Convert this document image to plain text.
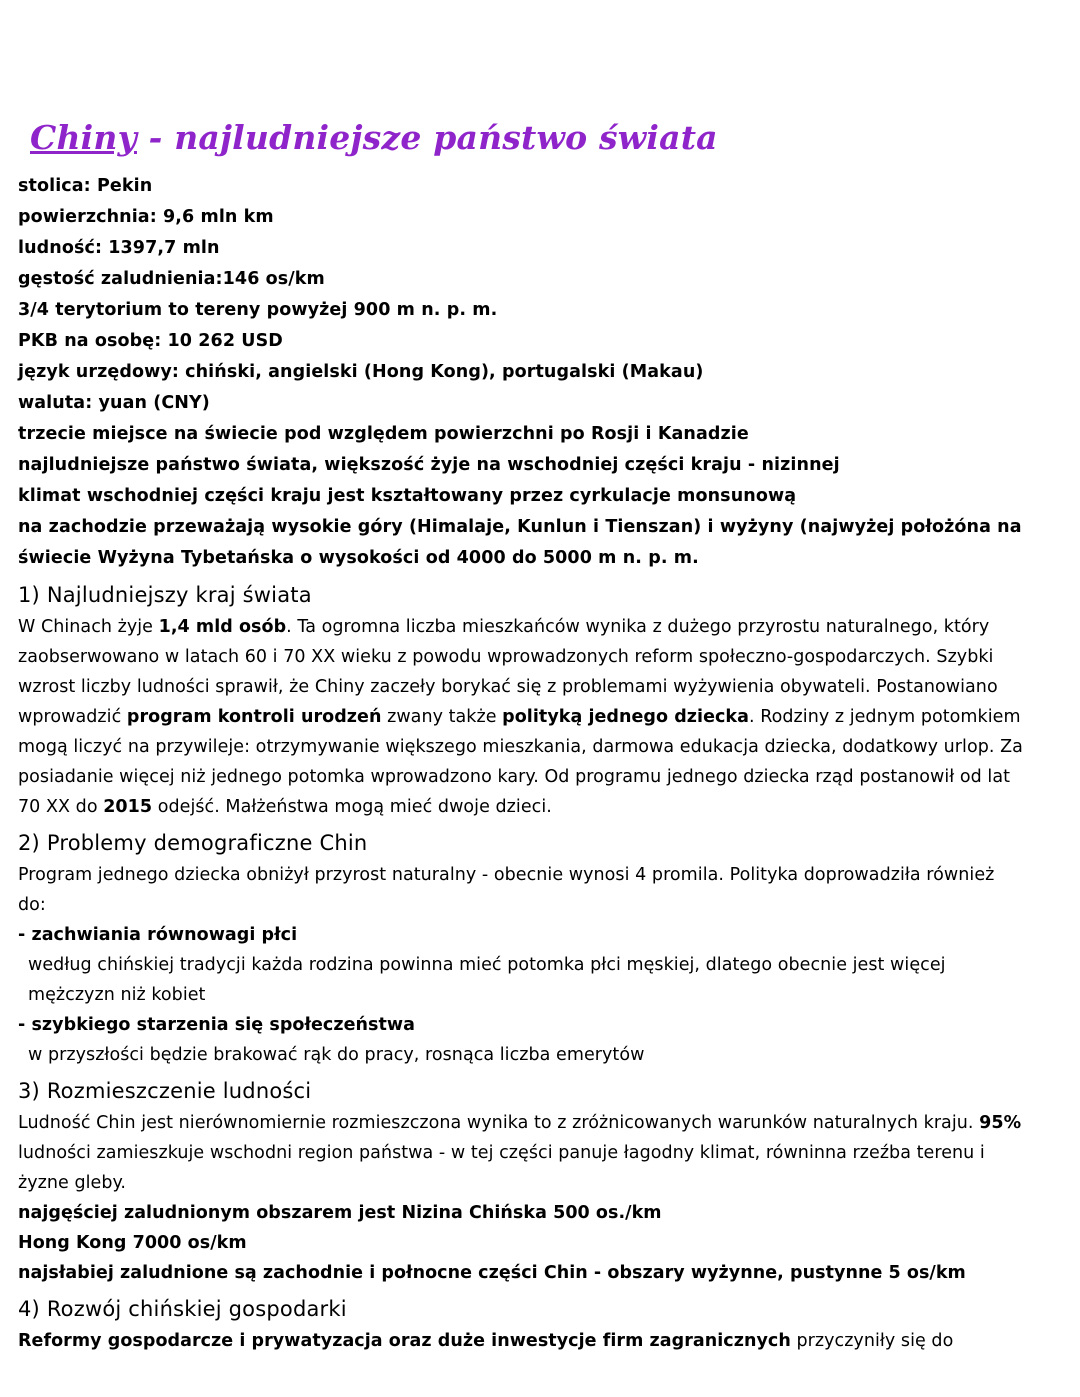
Chiny - najludniejsze państwo świata
stolica: Pekin
powierzchnia: 9,6 mln km
ludność: 1397,7 mln
gęstość zaludnienia:146 os/km
3/4 terytorium to tereny powyżej 900 m n. p. m.
PKB na osobę: 10 262 USD
język urzędowy: chiński, angielski (Hong Kong), portugalski (Makau)
waluta: yuan (CNY)
trzecie miejsce na świecie pod względem powierzchni po Rosji i Kanadzie
najludniejsze państwo świata, większość żyje na wschodniej części kraju - nizinnej
klimat wschodniej części kraju jest kształtowany przez cyrkulacje monsunową
na zachodzie przeważają wysokie góry (Himalaje, Kunlun i Tienszan) i wyżyny (najwyżej położóna na
świecie Wyżyna Tybetańska o wysokości od 4000 do 5000 m n. p. m.
1) Najludniejszy kraj świata

W Chinach żyje 1,4 mld osób. Ta ogromna liczba mieszkańców wynika z dużego przyrostu naturalnego, który zaobserwowano w latach 60 i 70 XX wieku z powodu wprowadzonych reform społeczno-gospodarczych. Szybki wzrost liczby ludności sprawił, że Chiny zaczeły borykać się z problemami wyżywienia obywateli. Postanowiano wprowadzić program kontroli urodzeń zwany także polityką jednego dziecka. Rodziny z jednym potomkiem mogą liczyć na przywileje: otrzymywanie większego mieszkania, darmowa edukacja dziecka, dodatkowy urlop. Za posiadanie więcej niż jednego potomka wprowadzono kary. Od programu jednego dziecka rząd postanowił od lat 70 XX do 2015 odejść. Małżeństwa mogą mieć dwoje dzieci.

2) Problemy demograficzne Chin

Program jednego dziecka obniżył przyrost naturalny - obecnie wynosi 4 promila. Polityka doprowadziła również do:

- zachwiania równowagi płci

według chińskiej tradycji każda rodzina powinna mieć potomka płci męskiej, dlatego obecnie jest więcej mężczyzn niż kobiet

- szybkiego starzenia się społeczeństwa

w przyszłości będzie brakować rąk do pracy, rosnąca liczba emerytów

3) Rozmieszczenie ludności

Ludność Chin jest nierównomiernie rozmieszczona wynika to z zróżnicowanych warunków naturalnych kraju. 95% ludności zamieszkuje wschodni region państwa - w tej części panuje łagodny klimat, równinna rzeźba terenu i żyzne gleby.

najgęściej zaludnionym obszarem jest Nizina Chińska 500 os./km

Hong Kong 7000 os/km

najsłabiej zaludnione są zachodnie i połnocne części Chin - obszary wyżynne, pustynne 5 os/km

4) Rozwój chińskiej gospodarki

Reformy gospodarcze i prywatyzacja oraz duże inwestycje firm zagranicznych przyczyniły się do
